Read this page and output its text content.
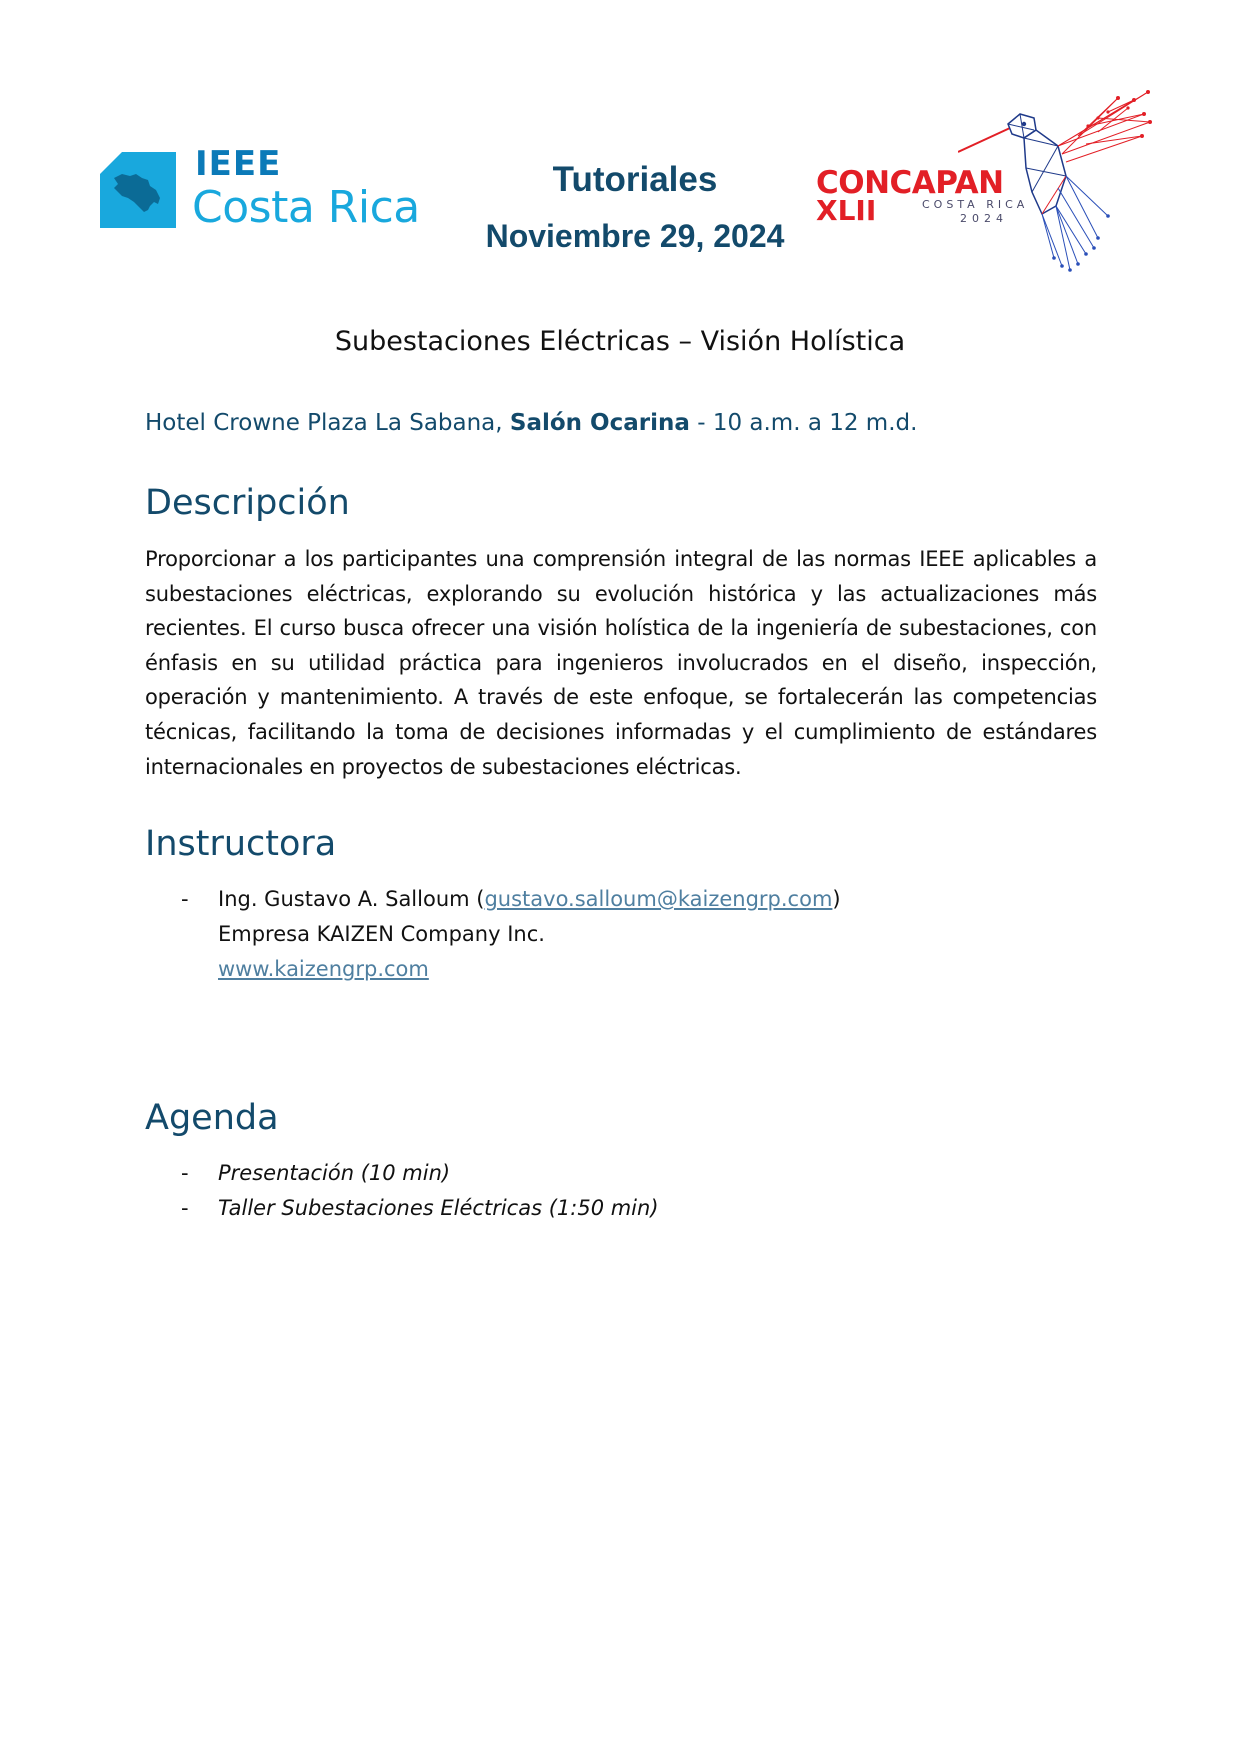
IEEE
Costa Rica
Tutoriales
Noviembre 29, 2024
CONCAPAN
XLII	COSTA RICA
2024
Subestaciones Eléctricas – Visión Holística
Hotel Crowne Plaza La Sabana, Salón Ocarina - 10 a.m. a 12 m.d.
Descripción
Proporcionar a los participantes una comprensión integral de las normas IEEE aplicables a subestaciones eléctricas, explorando su evolución histórica y las actualizaciones más recientes. El curso busca ofrecer una visión holística de la ingeniería de subestaciones, con énfasis en su utilidad práctica para ingenieros involucrados en el diseño, inspección, operación y mantenimiento. A través de este enfoque, se fortalecerán las competencias técnicas, facilitando la toma de decisiones informadas y el cumplimiento de estándares internacionales en proyectos de subestaciones eléctricas.
Instructora
- Ing. Gustavo A. Salloum (gustavo.salloum@kaizengrp.com)
Empresa KAIZEN Company Inc.
www.kaizengrp.com
Agenda
- Presentación (10 min)
- Taller Subestaciones Eléctricas (1:50 min)
